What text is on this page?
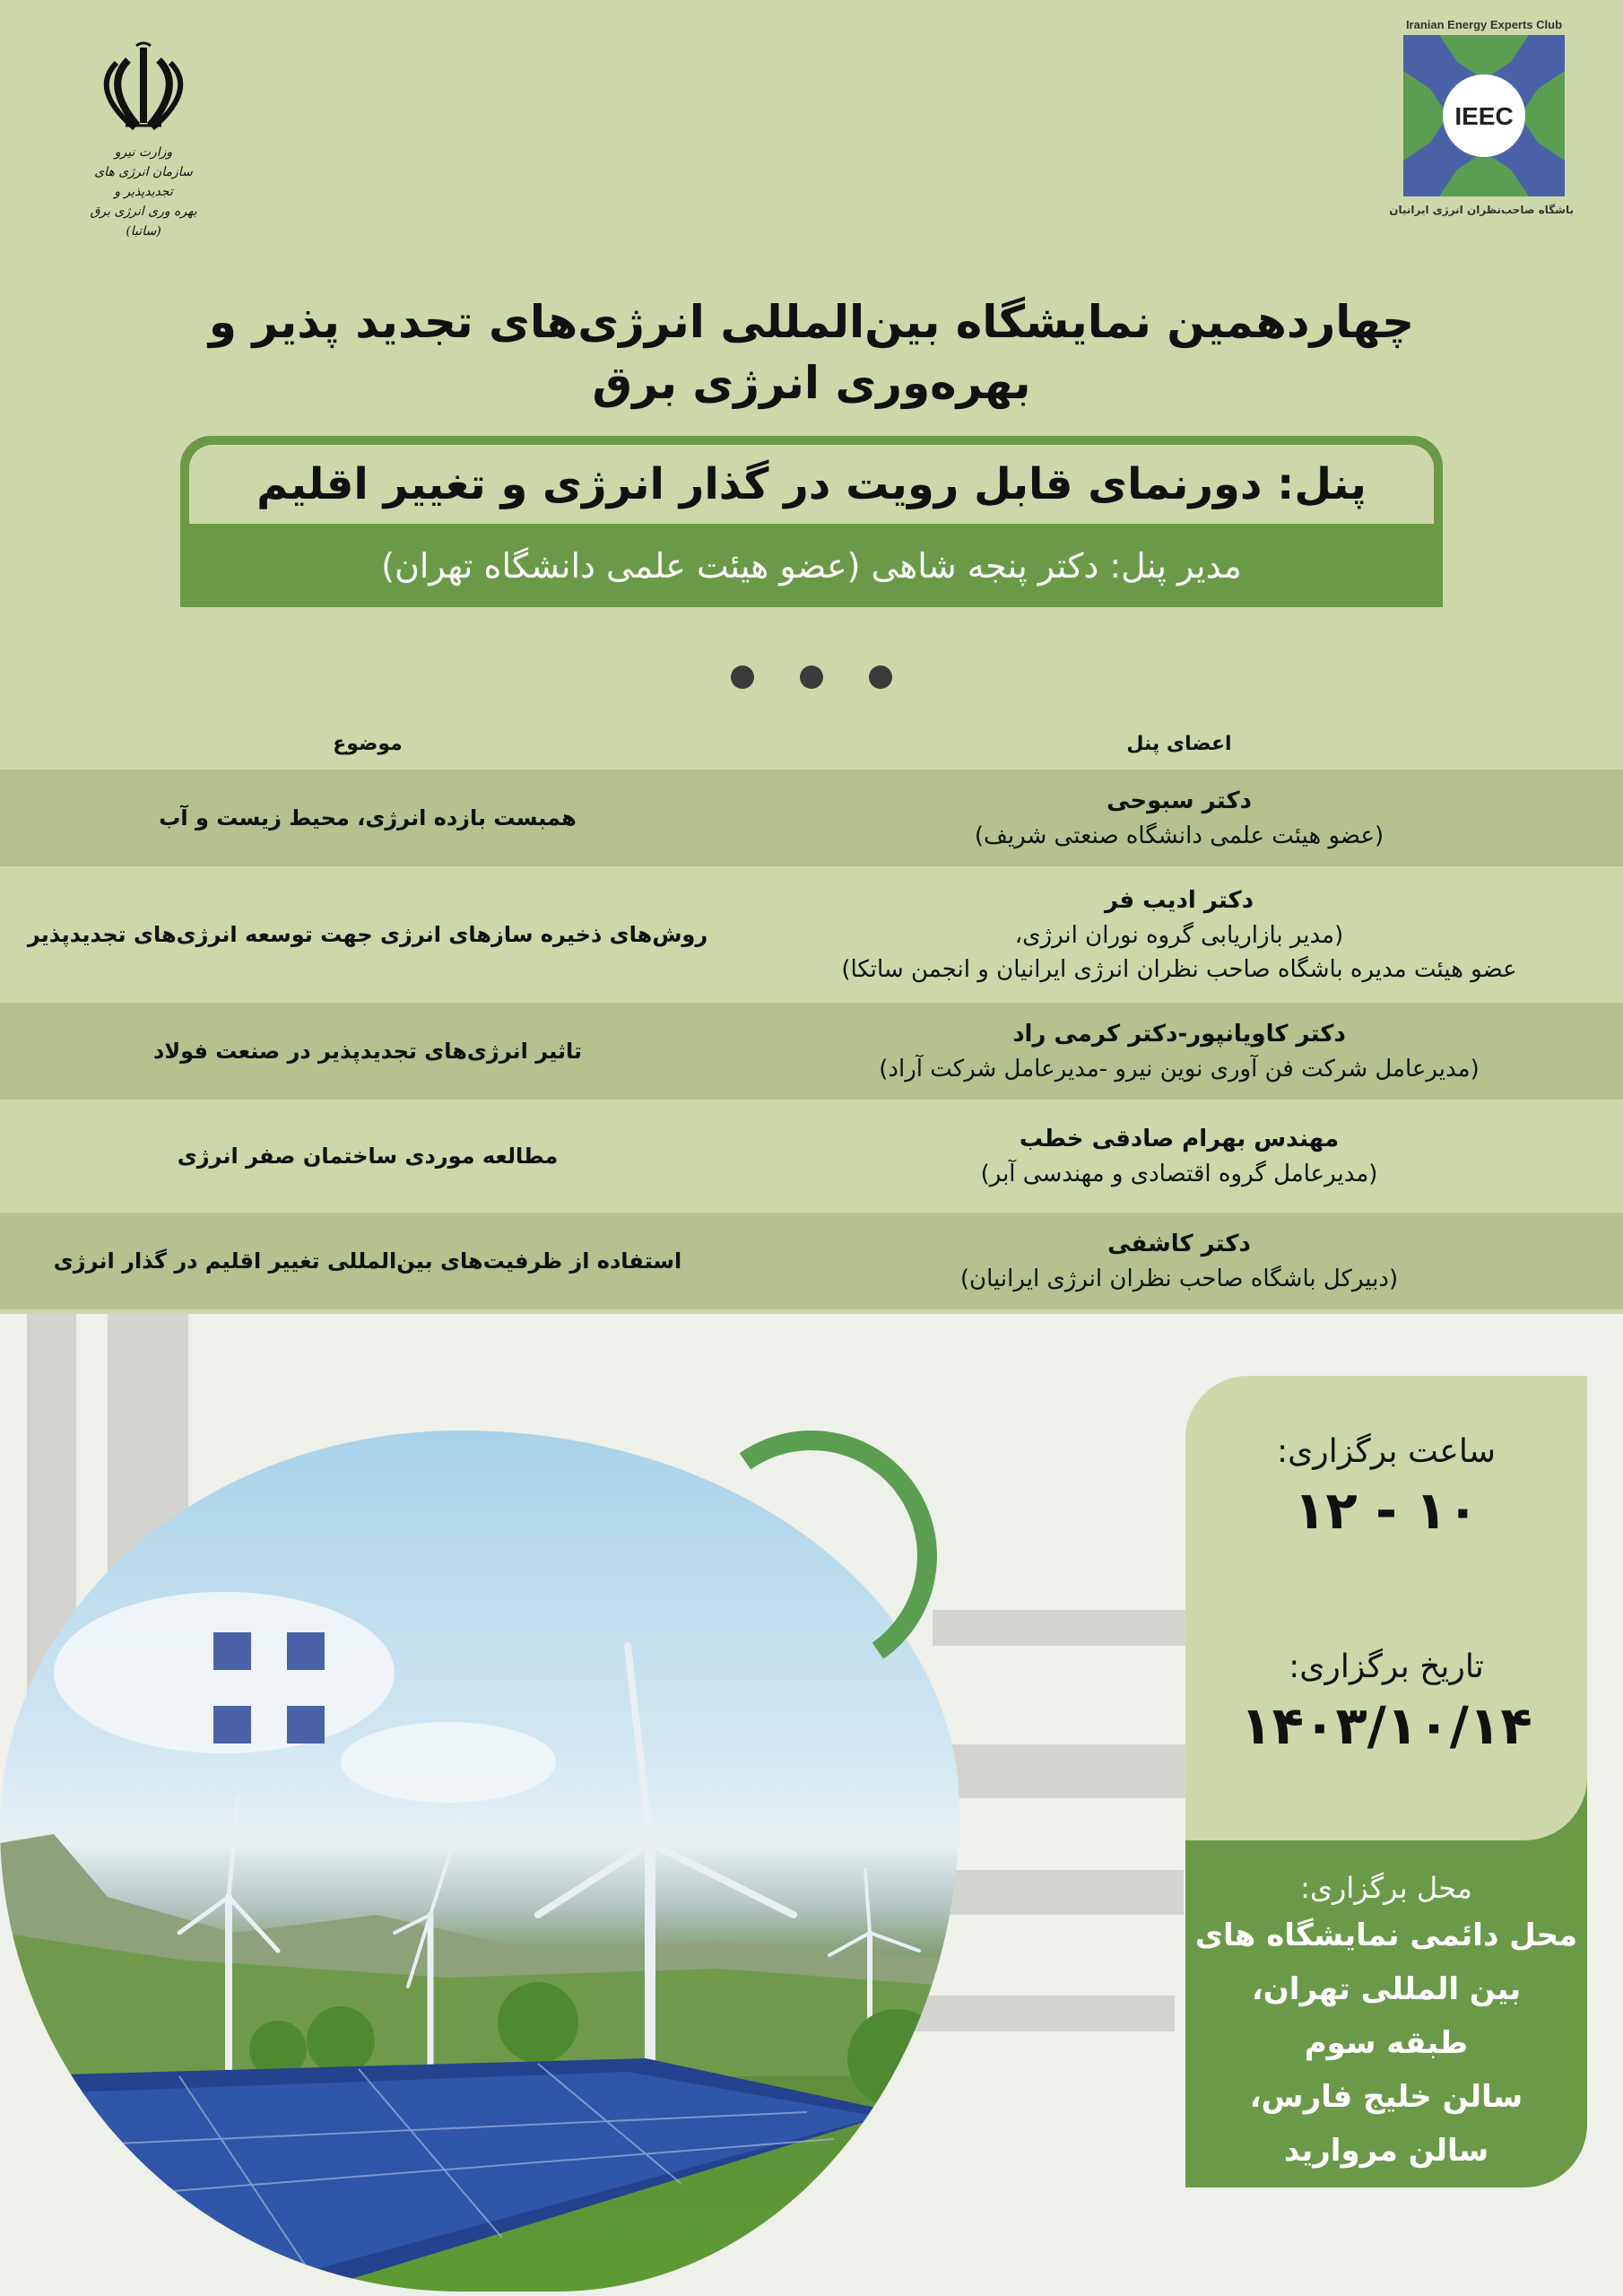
وزارت نیرو
سازمان انرژی های تجدیدپذیر و
بهره وری انرژی برق (ساتبا)
Iranian Energy Experts Club
IEEC
باشگاه صاحب‌نظران انرژی ایرانیان
چهاردهمین نمایشگاه بین‌المللی انرژی‌های تجدید پذیر و
بهره‌وری انرژی برق
پنل: دورنمای قابل رویت در گذار انرژی و تغییر اقلیم
مدیر پنل: دکتر پنجه شاهی (عضو هیئت علمی دانشگاه تهران)
اعضای پنل
موضوع
دکتر سبوحی
(عضو هیئت علمی دانشگاه صنعتی شریف)
همبست بازده انرژی، محیط زیست و آب
دکتر ادیب فر
(مدیر بازاریابی گروه نوران انرژی،
عضو هیئت مدیره باشگاه صاحب نظران انرژی ایرانیان و انجمن ساتکا)
روش‌های ذخیره سازهای انرژی جهت توسعه انرژی‌های تجدیدپذیر
دکتر کاویانپور-دکتر کرمی راد
(مدیرعامل شرکت فن آوری نوین نیرو -مدیرعامل شرکت آراد)
تاثیر انرژی‌های تجدیدپذیر در صنعت فولاد
مهندس بهرام صادقی خطب
(مدیرعامل گروه اقتصادی و مهندسی آبر)
مطالعه موردی ساختمان صفر انرژی
دکتر کاشفی
(دبیرکل باشگاه صاحب نظران انرژی ایرانیان)
استفاده از ظرفیت‌های بین‌المللی تغییر اقلیم در گذار انرژی
ساعت برگزاری:
۱۰ - ۱۲
تاریخ برگزاری:
۱۴۰۳/۱۰/۱۴
محل برگزاری:
محل دائمی نمایشگاه های
بین المللی تهران،
طبقه سوم
سالن خلیج فارس،
سالن مروارید
